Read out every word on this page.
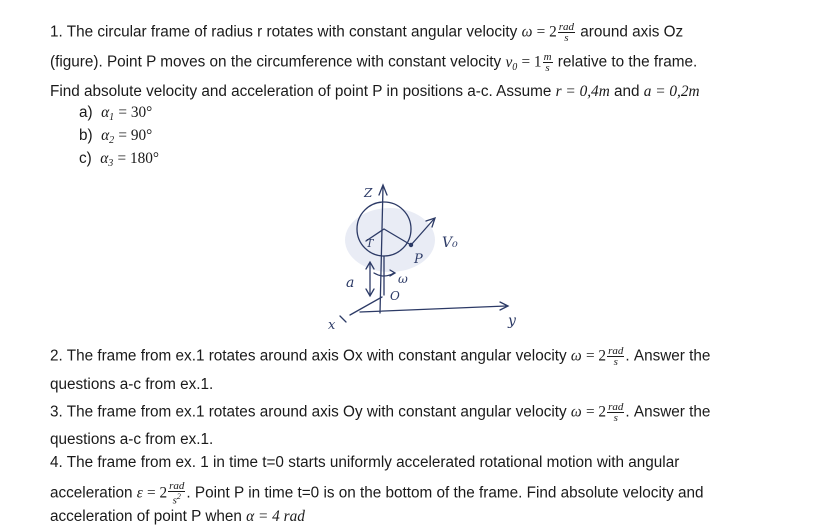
1. The circular frame of radius r rotates with constant angular velocity $\omega = 2 \frac{\text{rad}}{s}$ around axis Oz
(figure). Point P moves on the circumference with constant velocity $v_0 = 1 \frac{m}{s}$ relative to the frame.
Find absolute velocity and acceleration of point P in positions a-c. Assume r = 0,4m and a = 0,2m
a) $\alpha_1 = 30^\circ$
b) $\alpha_2 = 90^\circ$
c) $\alpha_3 = 180^\circ$
Z
y
x
T
P
V₀
a
O
ω
2. The frame from ex.1 rotates around axis Ox with constant angular velocity $\omega = 2 \frac{\text{rad}}{s}$ . Answer the
questions a-c from ex.1.
3. The frame from ex.1 rotates around axis Oy with constant angular velocity $\omega = 2 \frac{\text{rad}}{s}$ . Answer the
questions a-c from ex.1.
4. The frame from ex. 1 in time t=0 starts uniformly accelerated rotational motion with angular
acceleration $\varepsilon = 2 \frac{\text{rad}}{s^2}$ . Point P in time t=0 is on the bottom of the frame. Find absolute velocity and
acceleration of point P when α = 4 rad
